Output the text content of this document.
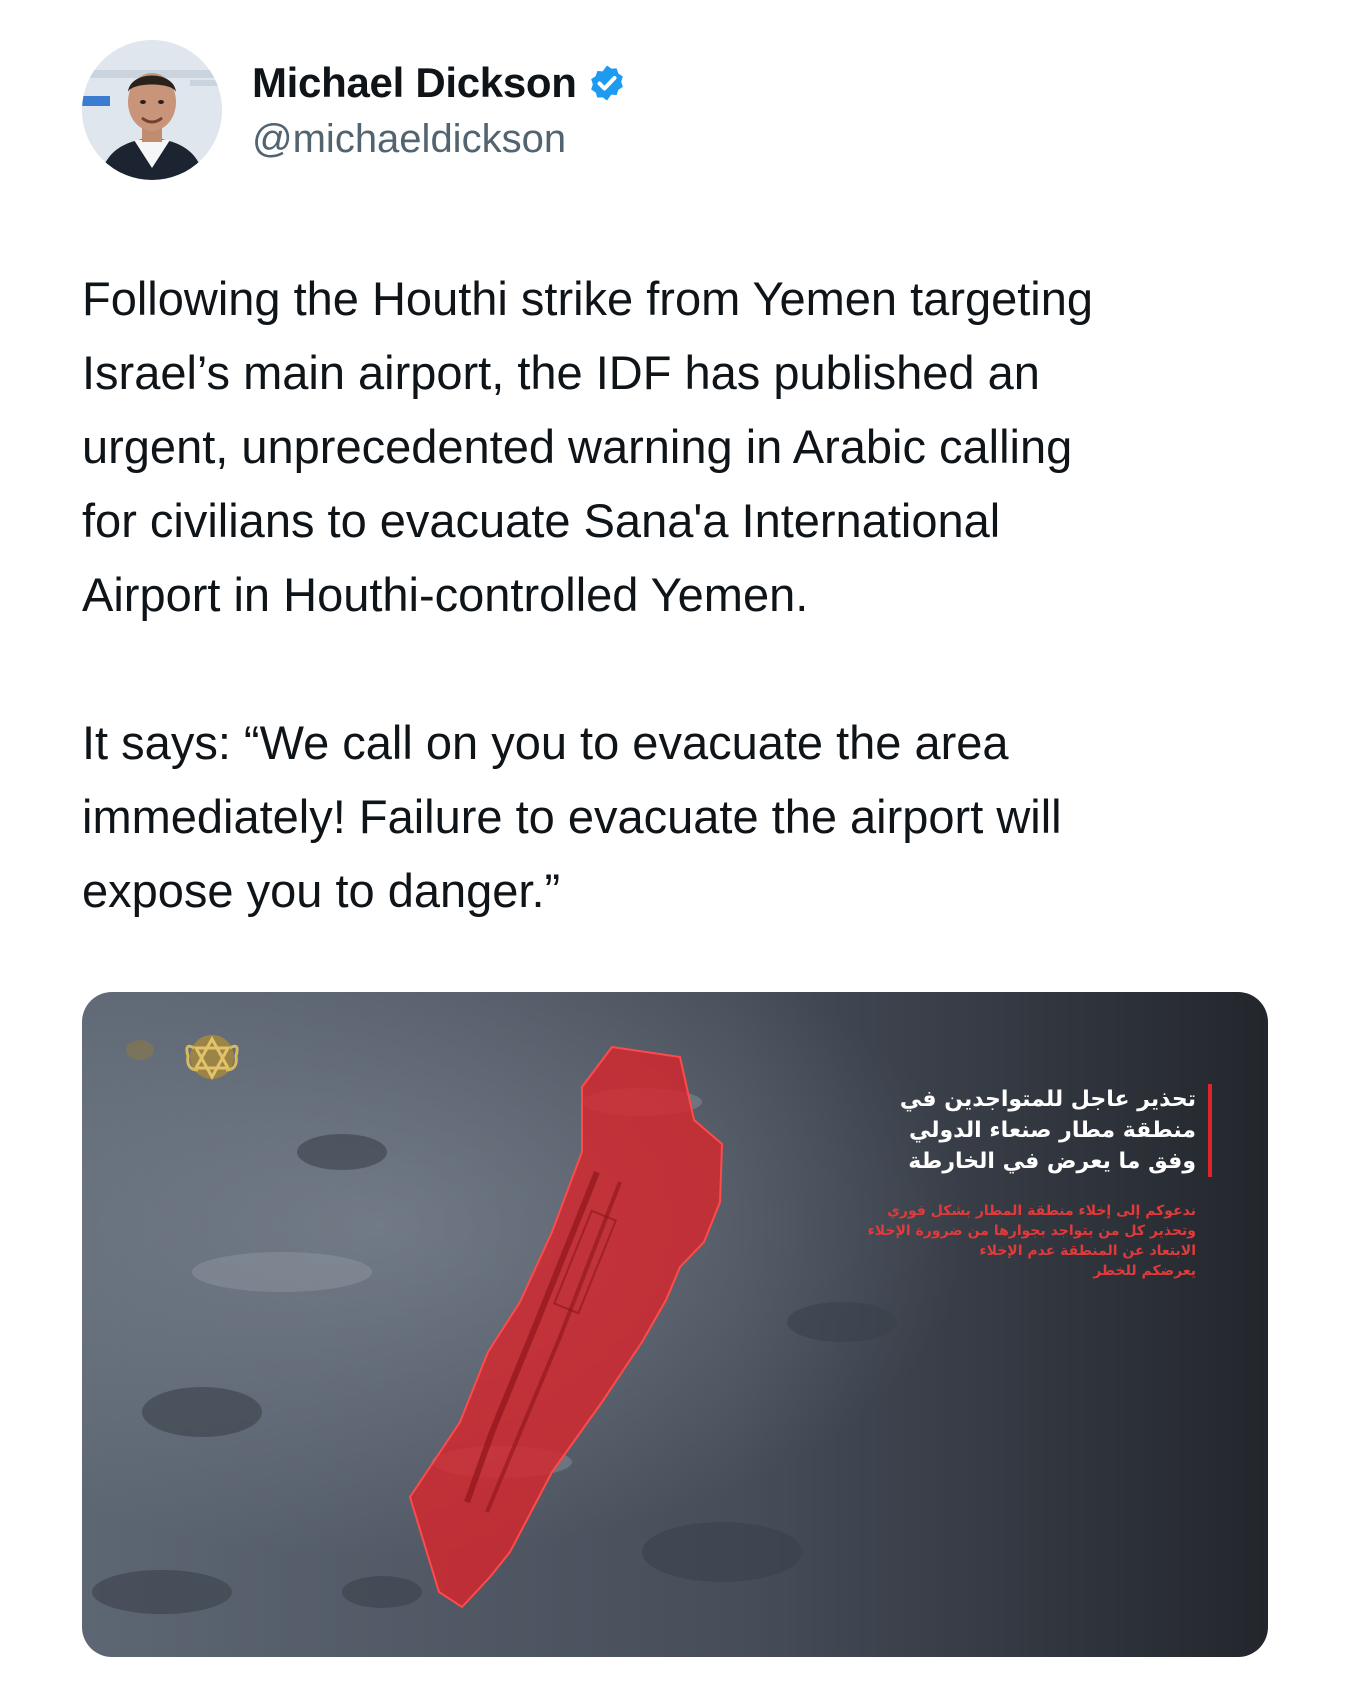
Michael Dickson
@michaeldickson
Following the Houthi strike from Yemen targeting
Israel’s main airport, the IDF has published an
urgent, unprecedented warning in Arabic calling
for civilians to evacuate Sana'a International
Airport in Houthi-controlled Yemen.

It says: “We call on you to evacuate the area
immediately! Failure to evacuate the airport will
expose you to danger.”
تحذير عاجل للمتواجدين في
منطقة مطار صنعاء الدولي
وفق ما يعرض في الخارطة
ندعوكم إلى إخلاء منطقة المطار بشكل فوري
وتحذير كل من يتواجد بجوارها من ضرورة الإخلاء
الابتعاد عن المنطقة عدم الإخلاء
يعرضكم للخطر
